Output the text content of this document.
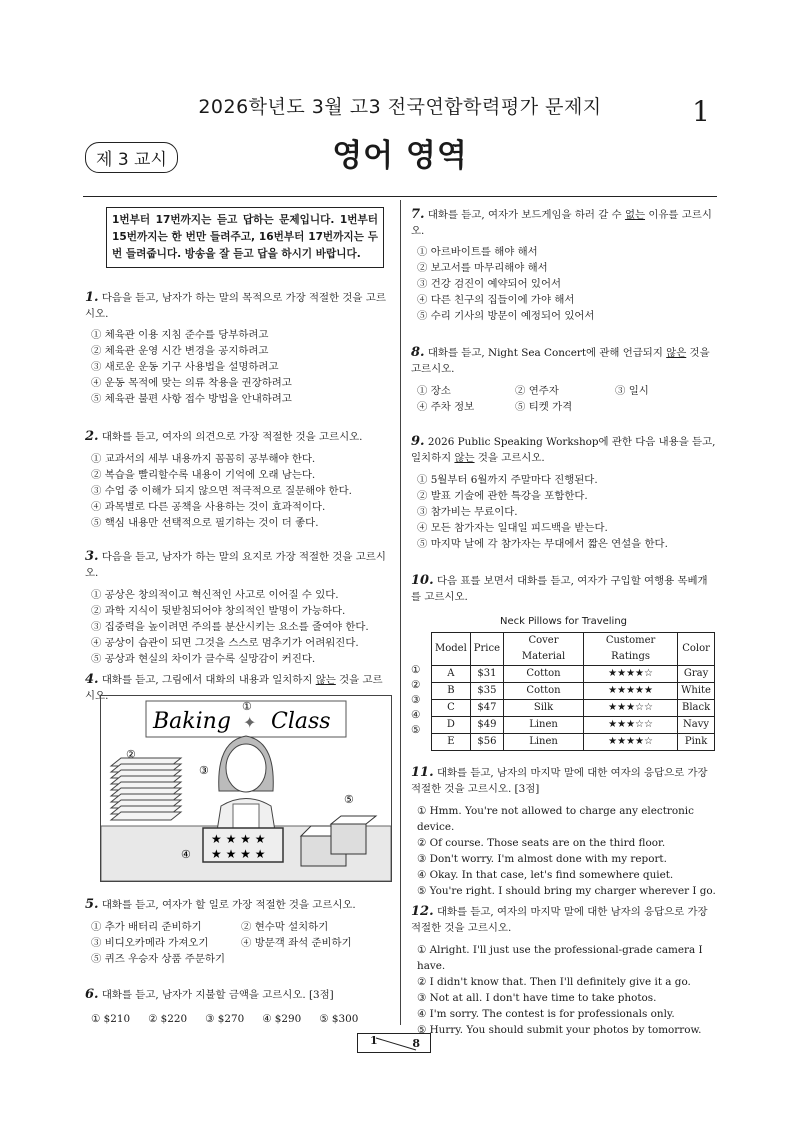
2026학년도 3월 고3 전국연합학력평가 문제지	1
제 3 교시	영어 영역
1번부터 17번까지는 듣고 답하는 문제입니다. 1번부터 15번까지는 한 번만 들려주고, 16번부터 17번까지는 두 번 들려줍니다. 방송을 잘 듣고 답을 하시기 바랍니다.

1. 다음을 듣고, 남자가 하는 말의 목적으로 가장 적절한 것을 고르시오.

① 체육관 이용 지침 준수를 당부하려고

② 체육관 운영 시간 변경을 공지하려고

③ 새로운 운동 기구 사용법을 설명하려고

④ 운동 목적에 맞는 의류 착용을 권장하려고

⑤ 체육관 불편 사항 접수 방법을 안내하려고

2. 대화를 듣고, 여자의 의견으로 가장 적절한 것을 고르시오.

① 교과서의 세부 내용까지 꼼꼼히 공부해야 한다.

② 복습을 빨리할수록 내용이 기억에 오래 남는다.

③ 수업 중 이해가 되지 않으면 적극적으로 질문해야 한다.

④ 과목별로 다른 공책을 사용하는 것이 효과적이다.

⑤ 핵심 내용만 선택적으로 필기하는 것이 더 좋다.

3. 다음을 듣고, 남자가 하는 말의 요지로 가장 적절한 것을 고르시오.

① 공상은 창의적이고 혁신적인 사고로 이어질 수 있다.

② 과학 지식이 뒷받침되어야 창의적인 발명이 가능하다.

③ 집중력을 높이려면 주의를 분산시키는 요소를 줄여야 한다.

④ 공상이 습관이 되면 그것을 스스로 멈추기가 어려워진다.

⑤ 공상과 현실의 차이가 클수록 실망감이 커진다.

4. 대화를 듣고, 그림에서 대화의 내용과 일치하지 않는 것을 고르시오.

Baking Class
✦
★ ★ ★ ★
★ ★ ★ ★
①
②
③
④
⑤

5. 대화를 듣고, 여자가 할 일로 가장 적절한 것을 고르시오.

① 추가 배터리 준비하기	② 현수막 설치하기
③ 비디오카메라 가져오기	④ 방문객 좌석 준비하기

⑤ 퀴즈 우승자 상품 주문하기

6. 대화를 듣고, 남자가 지불할 금액을 고르시오. [3점]

① $210 ② $220 ③ $270 ④ $290 ⑤ $300

7. 대화를 듣고, 여자가 보드게임을 하러 갈 수 없는 이유를 고르시오.

① 아르바이트를 해야 해서

② 보고서를 마무리해야 해서

③ 건강 검진이 예약되어 있어서

④ 다른 친구의 집들이에 가야 해서

⑤ 수리 기사의 방문이 예정되어 있어서

8. 대화를 듣고, Night Sea Concert에 관해 언급되지 않은 것을 고르시오.

① 장소	② 연주자	③ 일시
④ 주차 정보	⑤ 티켓 가격

9. 2026 Public Speaking Workshop에 관한 다음 내용을 듣고, 일치하지 않는 것을 고르시오.

① 5월부터 6월까지 주말마다 진행된다.

② 발표 기술에 관한 특강을 포함한다.

③ 참가비는 무료이다.

④ 모든 참가자는 일대일 피드백을 받는다.

⑤ 마지막 날에 각 참가자는 무대에서 짧은 연설을 한다.

10. 다음 표를 보면서 대화를 듣고, 여자가 구입할 여행용 목베개를 고르시오.

Neck Pillows for Traveling
①
②
③
④
⑤
Model	Price	Cover Material	Customer Ratings	Color
A	$31	Cotton	★★★★☆	Gray
B	$35	Cotton	★★★★★	White
C	$47	Silk	★★★☆☆	Black
D	$49	Linen	★★★☆☆	Navy
E	$56	Linen	★★★★☆	Pink

11. 대화를 듣고, 남자의 마지막 말에 대한 여자의 응답으로 가장 적절한 것을 고르시오. [3점]

① Hmm. You're not allowed to charge any electronic device.

② Of course. Those seats are on the third floor.

③ Don't worry. I'm almost done with my report.

④ Okay. In that case, let's find somewhere quiet.

⑤ You're right. I should bring my charger wherever I go.

12. 대화를 듣고, 여자의 마지막 말에 대한 남자의 응답으로 가장 적절한 것을 고르시오.

① Alright. I'll just use the professional-grade camera I have.

② I didn't know that. Then I'll definitely give it a go.

③ Not at all. I don't have time to take photos.

④ I'm sorry. The contest is for professionals only.

⑤ Hurry. You should submit your photos by tomorrow.

1	8
